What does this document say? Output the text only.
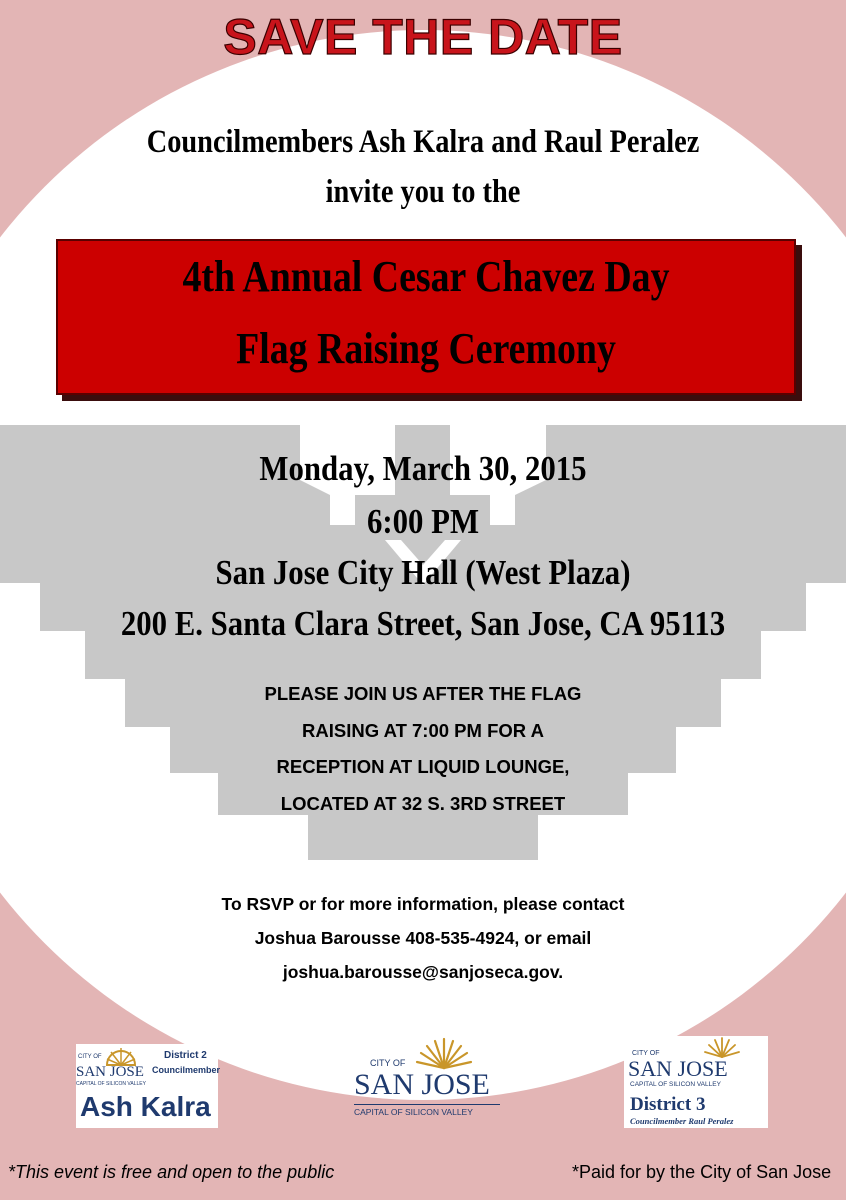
SAVE THE DATE
Councilmembers Ash Kalra and Raul Peralez
invite you to the
4th Annual Cesar Chavez Day
Flag Raising Ceremony
Monday, March 30, 2015
6:00 PM
San Jose City Hall (West Plaza)
200 E. Santa Clara Street, San Jose, CA 95113
PLEASE JOIN US AFTER THE FLAG
RAISING AT 7:00 PM FOR A
RECEPTION AT LIQUID LOUNGE,
LOCATED AT 32 S. 3RD STREET
To RSVP or for more information, please contact
Joshua Barousse 408-535-4924, or email
joshua.barousse@sanjoseca.gov.
CITY OF
SAN JOSE
CAPITAL OF SILICON VALLEY
District 2
Councilmember
Ash Kalra
CITY OF
SAN JOSE
CAPITAL OF SILICON VALLEY
CITY OF
SAN JOSE
CAPITAL OF SILICON VALLEY
District 3
Councilmember Raul Peralez
*This event is free and open to the public	*Paid for by the City of San Jose
